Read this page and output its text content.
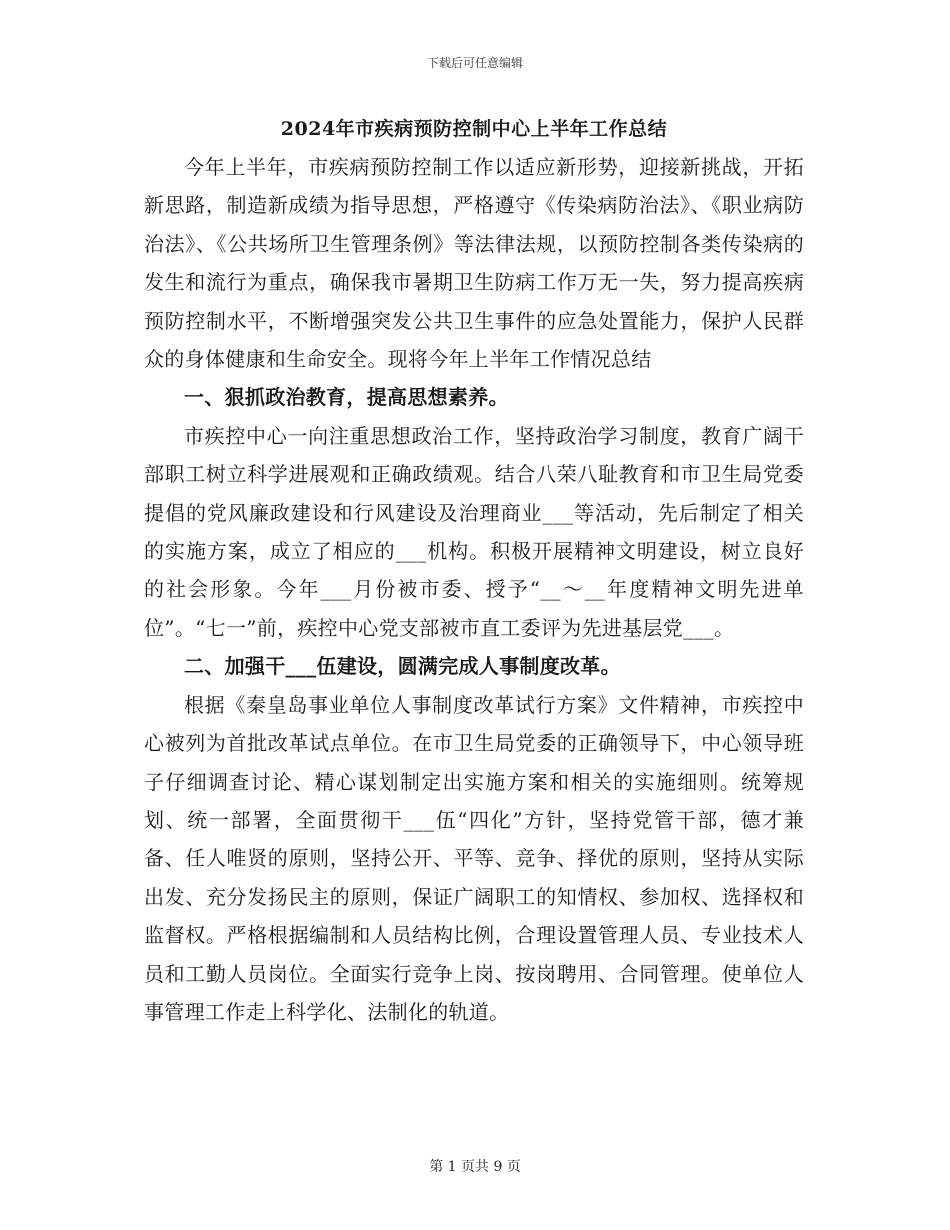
下载后可任意编辑
2024年市疾病预防控制中心上半年工作总结

今年上半年，市疾病预防控制工作以适应新形势，迎接新挑战，开拓新思路，制造新成绩为指导思想，严格遵守《传染病防治法》、《职业病防治法》、《公共场所卫生管理条例》等法律法规，以预防控制各类传染病的发生和流行为重点，确保我市暑期卫生防病工作万无一失，努力提高疾病预防控制水平，不断增强突发公共卫生事件的应急处置能力，保护人民群众的身体健康和生命安全。现将今年上半年工作情况总结

一、狠抓政治教育，提高思想素养。

市疾控中心一向注重思想政治工作，坚持政治学习制度，教育广阔干部职工树立科学进展观和正确政绩观。结合八荣八耻教育和市卫生局党委提倡的党风廉政建设和行风建设及治理商业___等活动，先后制定了相关的实施方案，成立了相应的___机构。积极开展精神文明建设，树立良好的社会形象。今年___月份被市委、授予“__～__年度精神文明先进单位”。“七一”前，疾控中心党支部被市直工委评为先进基层党___。

二、加强干___伍建设，圆满完成人事制度改革。

根据《秦皇岛事业单位人事制度改革试行方案》文件精神，市疾控中心被列为首批改革试点单位。在市卫生局党委的正确领导下，中心领导班子仔细调查讨论、精心谋划制定出实施方案和相关的实施细则。统筹规划、统一部署，全面贯彻干___伍“四化”方针，坚持党管干部，德才兼备、任人唯贤的原则，坚持公开、平等、竞争、择优的原则，坚持从实际出发、充分发扬民主的原则，保证广阔职工的知情权、参加权、选择权和监督权。严格根据编制和人员结构比例，合理设置管理人员、专业技术人员和工勤人员岗位。全面实行竞争上岗、按岗聘用、合同管理。使单位人事管理工作走上科学化、法制化的轨道。

第 1 页共 9 页
